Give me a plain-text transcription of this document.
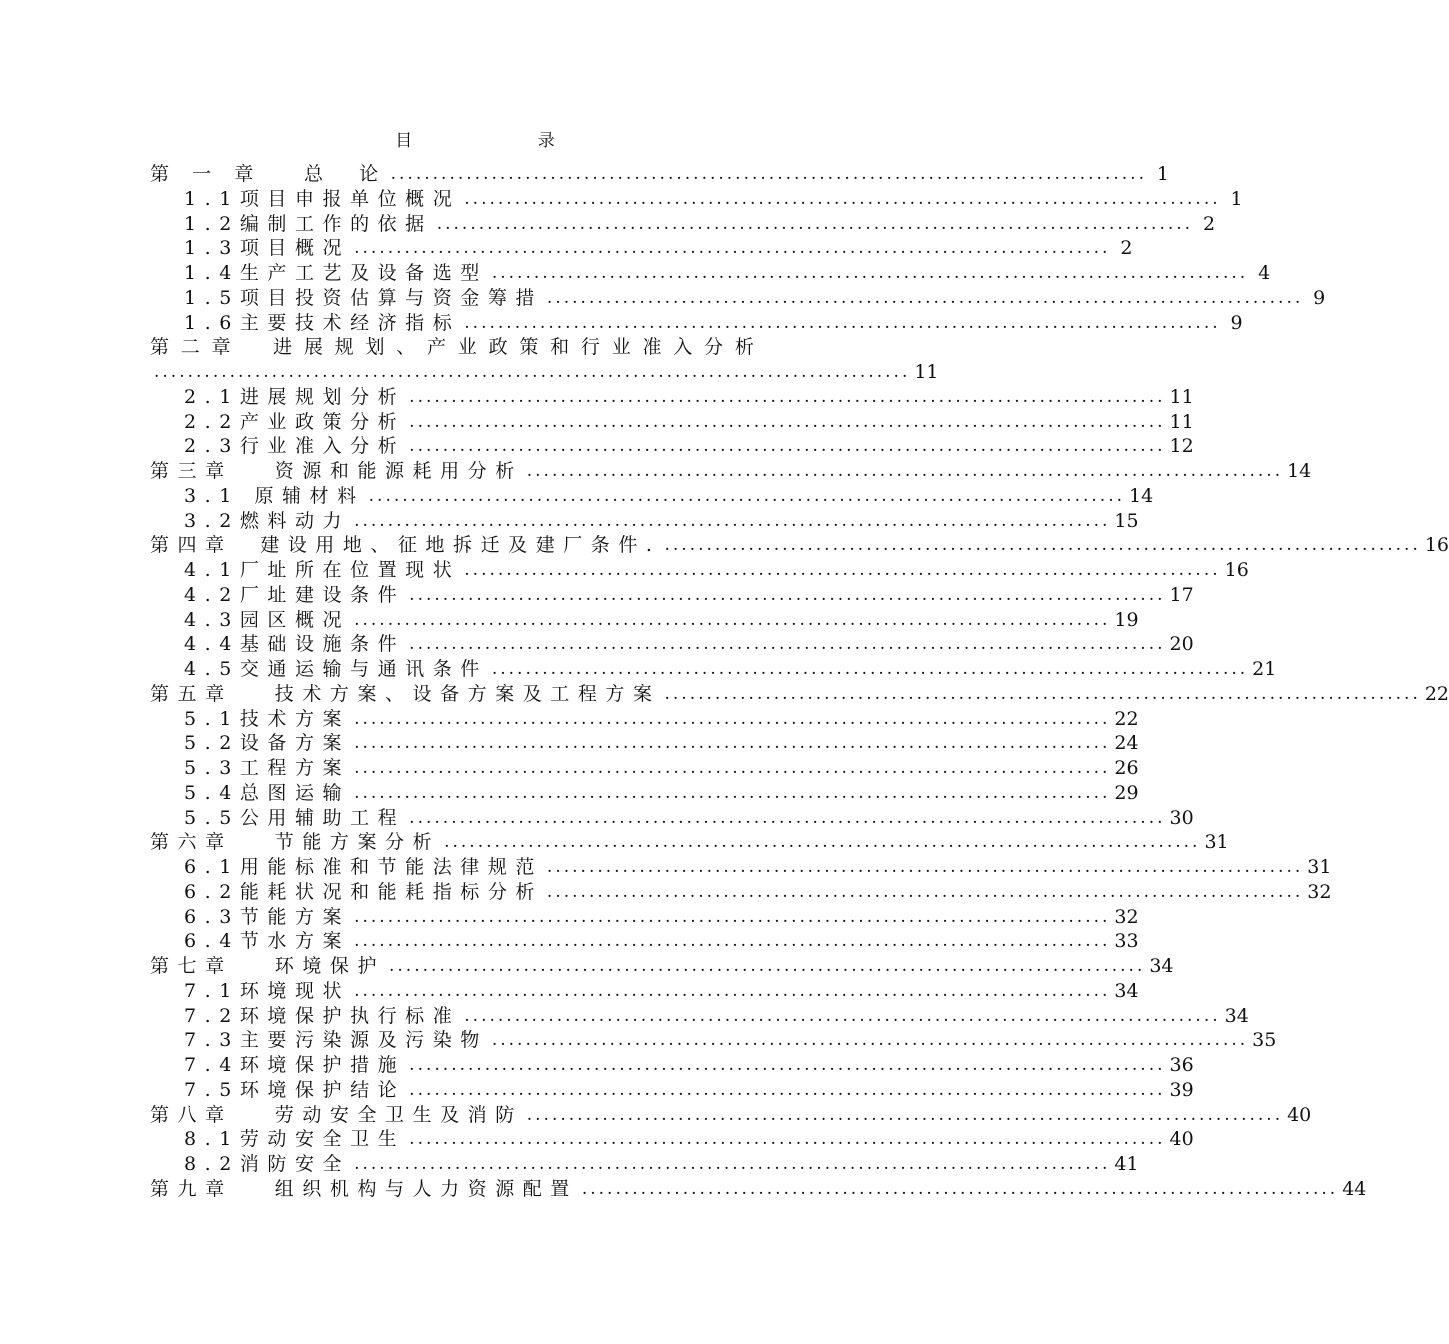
目 录
第 一 章　 总　论 .......................................................................................... 1
1.1项目申报单位概况 .......................................................................................... 1
1.2编制工作的依据 .......................................................................................... 2
1.3项目概况 .......................................................................................... 2
1.4生产工艺及设备选型 .......................................................................................... 4
1.5项目投资估算与资金筹措 .......................................................................................... 9
1.6主要技术经济指标 .......................................................................................... 9
第二章　进展规划、产业政策和行业准入分析
.......................................................................................... 11
2.1进展规划分析 .......................................................................................... 11
2.2产业政策分析 .......................................................................................... 11
2.3行业准入分析 .......................................................................................... 12
第三章　 资源和能源耗用分析 .......................................................................................... 14
3.1 原辅材料 .......................................................................................... 14
3.2燃料动力 .......................................................................................... 15
第四章　建设用地、征地拆迁及建厂条件. .......................................................................................... 16
4.1厂址所在位置现状 .......................................................................................... 16
4.2厂址建设条件 .......................................................................................... 17
4.3园区概况 .......................................................................................... 19
4.4基础设施条件 .......................................................................................... 20
4.5交通运输与通讯条件 .......................................................................................... 21
第五章　 技术方案、设备方案及工程方案 .......................................................................................... 22
5.1技术方案 .......................................................................................... 22
5.2设备方案 .......................................................................................... 24
5.3工程方案 .......................................................................................... 26
5.4总图运输 .......................................................................................... 29
5.5公用辅助工程 .......................................................................................... 30
第六章　 节能方案分析 .......................................................................................... 31
6.1用能标准和节能法律规范 .......................................................................................... 31
6.2能耗状况和能耗指标分析 .......................................................................................... 32
6.3节能方案 .......................................................................................... 32
6.4节水方案 .......................................................................................... 33
第七章　 环境保护 .......................................................................................... 34
7.1环境现状 .......................................................................................... 34
7.2环境保护执行标准 .......................................................................................... 34
7.3主要污染源及污染物 .......................................................................................... 35
7.4环境保护措施 .......................................................................................... 36
7.5环境保护结论 .......................................................................................... 39
第八章　 劳动安全卫生及消防 .......................................................................................... 40
8.1劳动安全卫生 .......................................................................................... 40
8.2消防安全 .......................................................................................... 41
第九章　 组织机构与人力资源配置 .......................................................................................... 44
